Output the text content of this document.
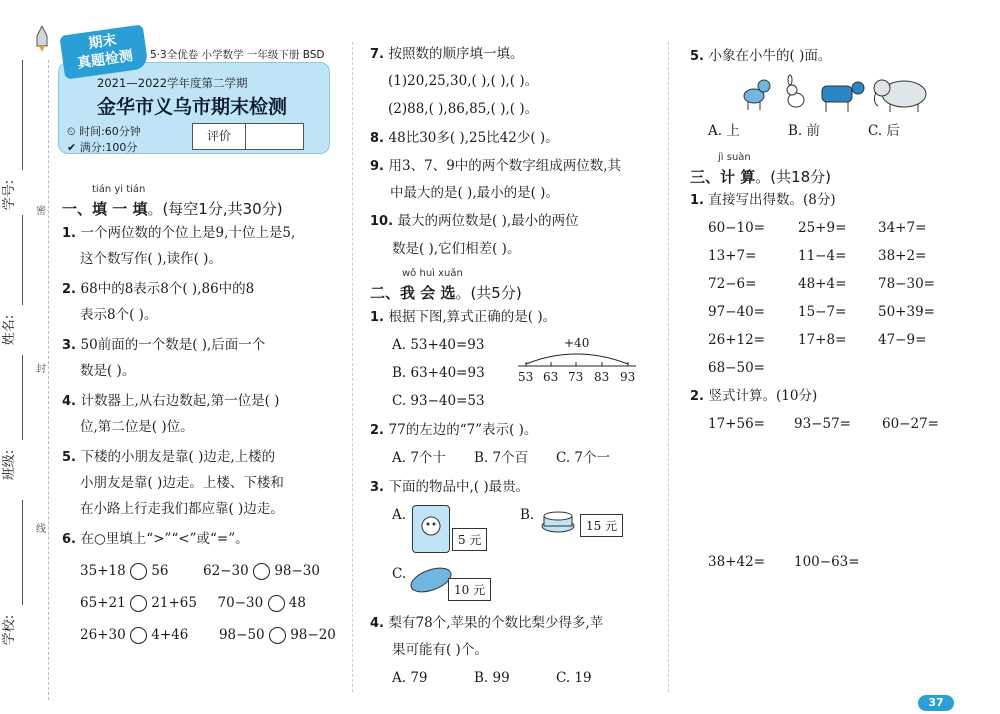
学号:
密
姓名:
封
班级:
线
学校:
2021—2022学年度第二学期
金华市义乌市期末检测
⏲ 时间:60分钟
✔ 满分:100分
期末
真题检测	5·3全优卷 小学数学 一年级下册 BSD
评价
tián yi tián
一、填 一 填。(每空1分,共30分)
1. 一个两位数的个位上是9,十位上是5,
这个数写作( ),读作( )。
2. 68中的8表示8个( ),86中的8
表示8个( )。
3. 50前面的一个数是( ),后面一个
数是( )。
4. 计数器上,从右边数起,第一位是( )
位,第二位是( )位。
5. 下楼的小朋友是靠( )边走,上楼的
小朋友是靠( )边走。上楼、下楼和
在小路上行走我们都应靠( )边走。
6. 在○里填上“>”“<”或“=”。
35+18 56	62−30 98−30
65+21 21+65 70−30 48
26+30 4+46 98−50 98−20
7. 按照数的顺序填一填。
(1)20,25,30,( ),( ),( )。
(2)88,( ),86,85,( ),( )。
8. 48比30多( ),25比42少( )。
9. 用3、7、9中的两个数字组成两位数,其
中最大的是( ),最小的是( )。
10. 最大的两位数是( ),最小的两位
数是( ),它们相差( )。
wǒ huì xuǎn
二、我 会 选。(共5分)
1. 根据下图,算式正确的是( )。
A. 53+40=93
B. 63+40=93
C. 93−40=53
+40
53 63 73 83 93
2. 77的左边的“7”表示( )。
A. 7个十 B. 7个百 C. 7个一
3. 下面的物品中,( )最贵。
A.
5 元
B.
15 元
C.
10 元
4. 梨有78个,苹果的个数比梨少得多,苹
果可能有( )个。
A. 79	B. 99	C. 19
5. 小象在小牛的( )面。
A. 上	B. 前	C. 后
jì suàn
三、计 算。(共18分)
1. 直接写出得数。(8分)
60−10= 25+9= 34+7=
13+7=	11−4= 38+2=
72−6=	48+4= 78−30=
97−40= 15−7= 50+39=
26+12= 17+8= 47−9=
68−50=
2. 竖式计算。(10分)
17+56= 93−57= 60−27=
38+42= 100−63=
37
